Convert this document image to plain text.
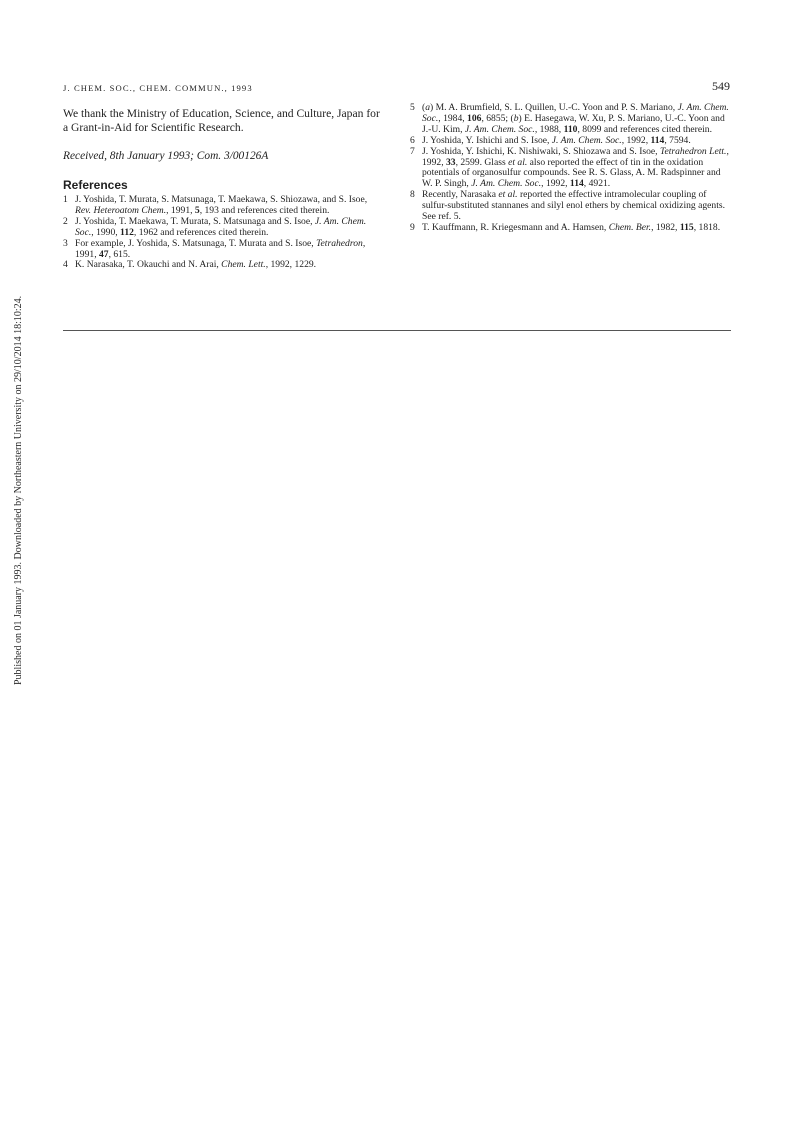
J. CHEM. SOC., CHEM. COMMUN., 1993	549
Published on 01 January 1993. Downloaded by Northeastern University on 29/10/2014 18:10:24.

We thank the Ministry of Education, Science, and Culture, Japan for a Grant-in-Aid for Scientific Research.

Received, 8th January 1993; Com. 3/00126A

References

1 J. Yoshida, T. Murata, S. Matsunaga, T. Maekawa, S. Shiozawa, and S. Isoe, Rev. Heteroatom Chem., 1991, 5, 193 and references cited therein.

2 J. Yoshida, T. Maekawa, T. Murata, S. Matsunaga and S. Isoe, J. Am. Chem. Soc., 1990, 112, 1962 and references cited therein.

3 For example, J. Yoshida, S. Matsunaga, T. Murata and S. Isoe, Tetrahedron, 1991, 47, 615.

4 K. Narasaka, T. Okauchi and N. Arai, Chem. Lett., 1992, 1229.

5 (a) M. A. Brumfield, S. L. Quillen, U.-C. Yoon and P. S. Mariano, J. Am. Chem. Soc., 1984, 106, 6855; (b) E. Hasegawa, W. Xu, P. S. Mariano, U.-C. Yoon and J.-U. Kim, J. Am. Chem. Soc., 1988, 110, 8099 and references cited therein.

6 J. Yoshida, Y. Ishichi and S. Isoe, J. Am. Chem. Soc., 1992, 114, 7594.

7 J. Yoshida, Y. Ishichi, K. Nishiwaki, S. Shiozawa and S. Isoe, Tetrahedron Lett., 1992, 33, 2599. Glass et al. also reported the effect of tin in the oxidation potentials of organosulfur compounds. See R. S. Glass, A. M. Radspinner and W. P. Singh, J. Am. Chem. Soc., 1992, 114, 4921.

8 Recently, Narasaka et al. reported the effective intramolecular coupling of sulfur-substituted stannanes and silyl enol ethers by chemical oxidizing agents. See ref. 5.

9 T. Kauffmann, R. Kriegesmann and A. Hamsen, Chem. Ber., 1982, 115, 1818.
